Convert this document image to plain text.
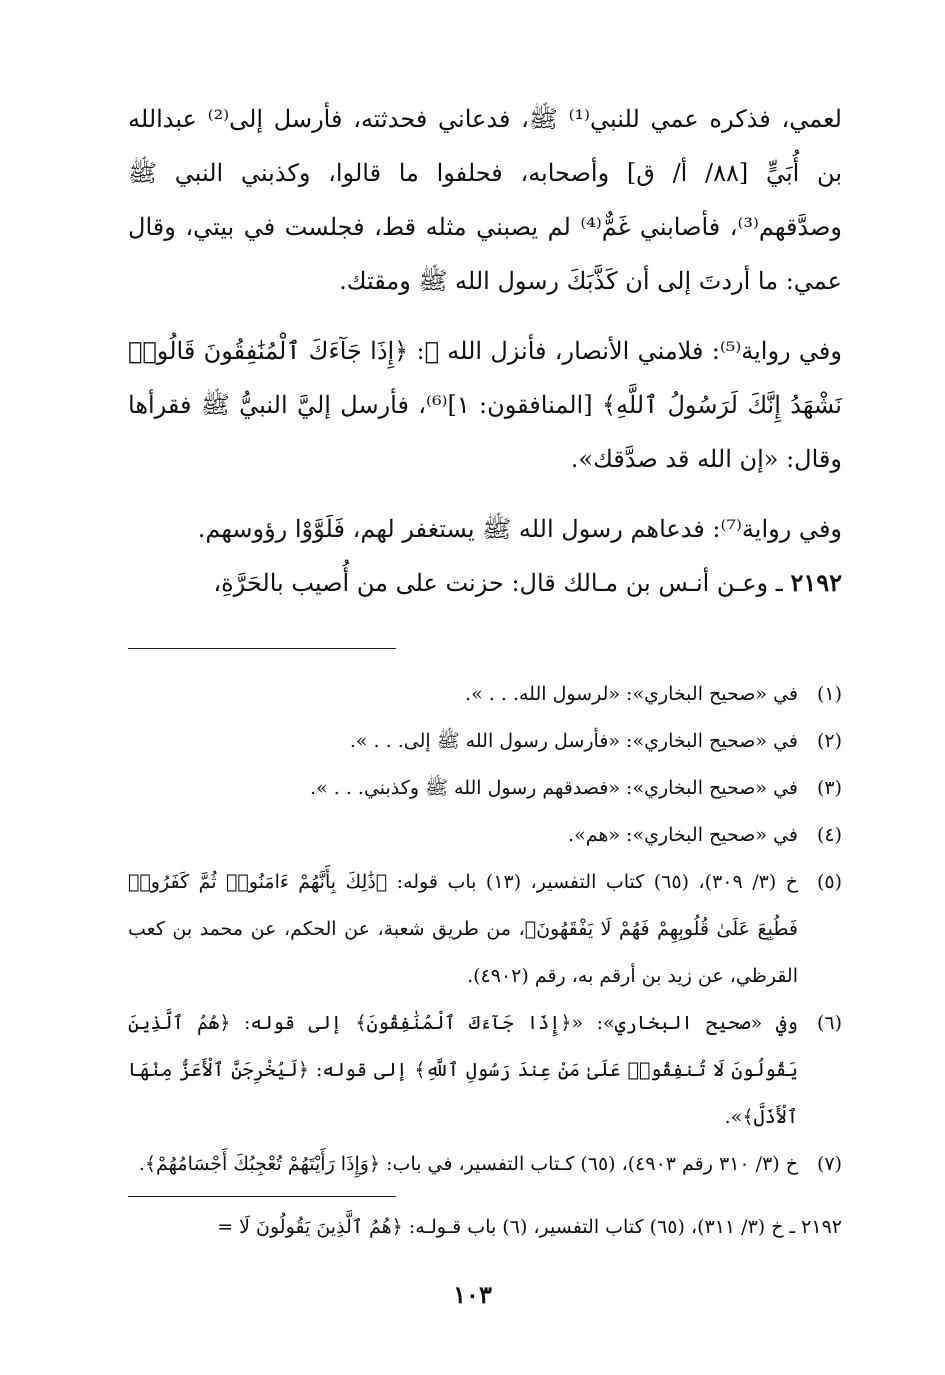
لعمي، فذكره عمي للنبي⁽¹⁾ ﷺ، فدعاني فحدثته، فأرسل إلى⁽²⁾ عبدالله بن أُبَيٍّ [٨٨/ أ/ ق] وأصحابه، فحلفوا ما قالوا، وكذبني النبي ﷺ وصدَّقهم⁽³⁾، فأصابني غَمٌّ⁽⁴⁾ لم يصبني مثله قط، فجلست في بيتي، وقال عمي: ما أردتَ إلى أن كَذَّبَكَ رسول الله ﷺ ومقتك.

وفي رواية⁽⁵⁾: فلامني الأنصار، فأنزل الله ﷻ: ﴿إِذَا جَآءَكَ ٱلْمُنَٰفِقُونَ قَالُوا۟ نَشْهَدُ إِنَّكَ لَرَسُولُ ٱللَّهِ﴾ [المنافقون: ١]⁽⁶⁾، فأرسل إليَّ النبيُّ ﷺ فقرأها وقال: «إن الله قد صدَّقك».

وفي رواية⁽⁷⁾: فدعاهم رسول الله ﷺ يستغفر لهم، فَلَوَّوْا رؤوسهم.

٢١٩٢ ـ وعـن أنـس بن مـالك قال: حزنت على من أُصيب بالحَرَّةِ،

(١)
في «صحيح البخاري»: «لرسول الله. . . ».
(٢)
في «صحيح البخاري»: «فأرسل رسول الله ﷺ إلى. . . ».
(٣)
في «صحيح البخاري»: «فصدقهم رسول الله ﷺ وكذبني. . . ».
(٤)
في «صحيح البخاري»: «هم».
(٥)
خ (٣/ ٣٠٩)، (٦٥) كتاب التفسير، (١٣) باب قوله: ﴿ذَٰلِكَ بِأَنَّهُمْ ءَامَنُوا۟ ثُمَّ كَفَرُوا۟ فَطُبِعَ عَلَىٰ قُلُوبِهِمْ فَهُمْ لَا يَفْقَهُونَ﴾، من طريق شعبة، عن الحكم، عن محمد بن كعب القرظي، عن زيد بن أرقم به، رقم (٤٩٠٢).
(٦)
وفي «صحيح البخاري»: «﴿إِذَا جَآءَكَ ٱلْمُنَٰفِقُونَ﴾ إلى قوله: ﴿هُمُ ٱلَّذِينَ يَقُولُونَ لَا تُنفِقُوا۟ عَلَىٰ مَنْ عِندَ رَسُولِ ٱللَّهِ﴾ إلى قوله: ﴿لَيُخْرِجَنَّ ٱلْأَعَزُّ مِنْهَا ٱلْأَذَلَّ﴾».
(٧)
خ (٣/ ٣١٠ رقم ٤٩٠٣)، (٦٥) كـتاب التفسير، في باب: ﴿وَإِذَا رَأَيْتَهُمْ تُعْجِبُكَ أَجْسَامُهُمْ﴾.
٢١٩٢ ـ خ (٣/ ٣١١)، (٦٥) كتاب التفسير، (٦) باب قـولـه: ﴿هُمُ ٱلَّذِينَ يَقُولُونَ لَا =
١٠٣
